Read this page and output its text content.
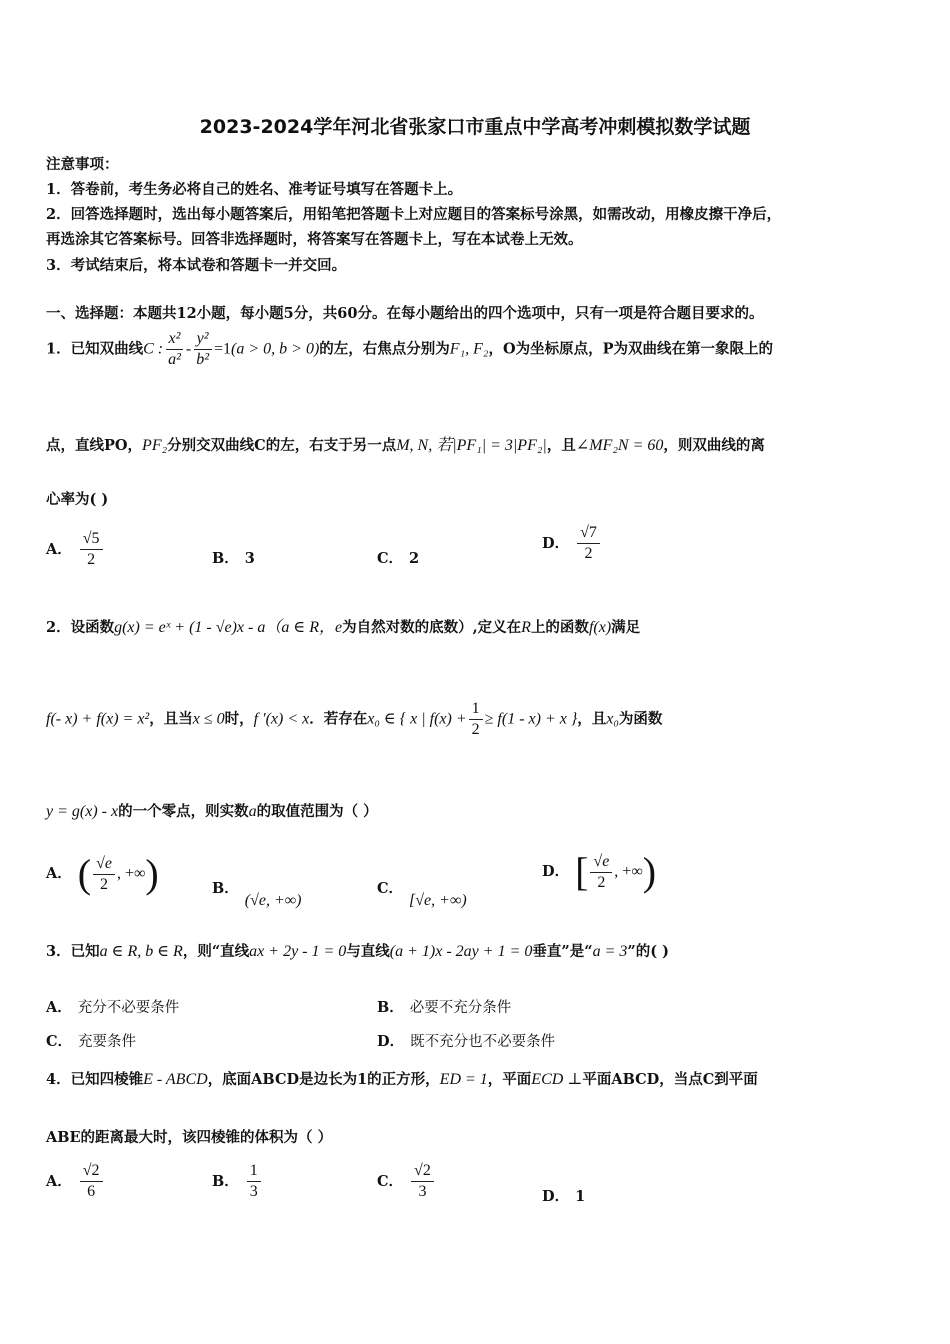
2023-2024学年河北省张家口市重点中学高考冲刺模拟数学试题
注意事项：
1．答卷前，考生务必将自己的姓名、准考证号填写在答题卡上。
2．回答选择题时，选出每小题答案后，用铅笔把答题卡上对应题目的答案标号涂黑，如需改动，用橡皮擦干净后，
再选涂其它答案标号。回答非选择题时，将答案写在答题卡上，写在本试卷上无效。
3．考试结束后，将本试卷和答题卡一并交回。
一、选择题：本题共12小题，每小题5分，共60分。在每小题给出的四个选项中，只有一项是符合题目要求的。
1．已知双曲线C : $\frac{\text{x²}}{\text{a²}} - \frac{\text{y²}}{\text{b²}} =1(a > 0$, b > 0)的左，右焦点分别为F₁, F₂，O为坐标原点，P为双曲线在第一象限上的
点，直线PO，PF₂分别交双曲线C的左，右支于另一点M, N, 若|PF₁| = 3|PF₂|，且∠MF₂N = 60，则双曲线的离
心率为( )
A． $\frac{√5}{2}$	B． 3	C． 2
D． $\frac{√7}{2}$
2．设函数g(x) = eˣ + (1 - √e)x - a（a ∈ R，e为自然对数的底数）,定义在R上的函数f(x)满足
f(- x) + f(x) = x²，且当x ≤ 0时，f ′(x) < x．若存在x₀ ∈ { x | $f(x) + \frac{1}{2} \ge f(1 - x) + x$ }，且x₀为函数
y = g(x) - x的一个零点，则实数a的取值范围为（ ）
A． ( $\frac{√e}{2}$ , +∞)	B．(√e, +∞)
C．[√e, +∞)
D． [ $\frac{√e}{2}$ , +∞)
3．已知a ∈ R, b ∈ R，则“直线ax + 2y - 1 = 0与直线(a + 1)x - 2ay + 1 = 0垂直”是“a = 3”的( )
A． 充分不必要条件	B． 必要不充分条件
C． 充要条件	D． 既不充分也不必要条件
4．已知四棱锥E - ABCD，底面ABCD是边长为1的正方形，ED = 1，平面ECD ⊥平面ABCD，当点C到平面
ABE的距离最大时，该四棱锥的体积为（ ）
A． $\frac{√2}{6}$	B． $\frac{1}{3}$	C． $\frac{√2}{3}$	D． 1
